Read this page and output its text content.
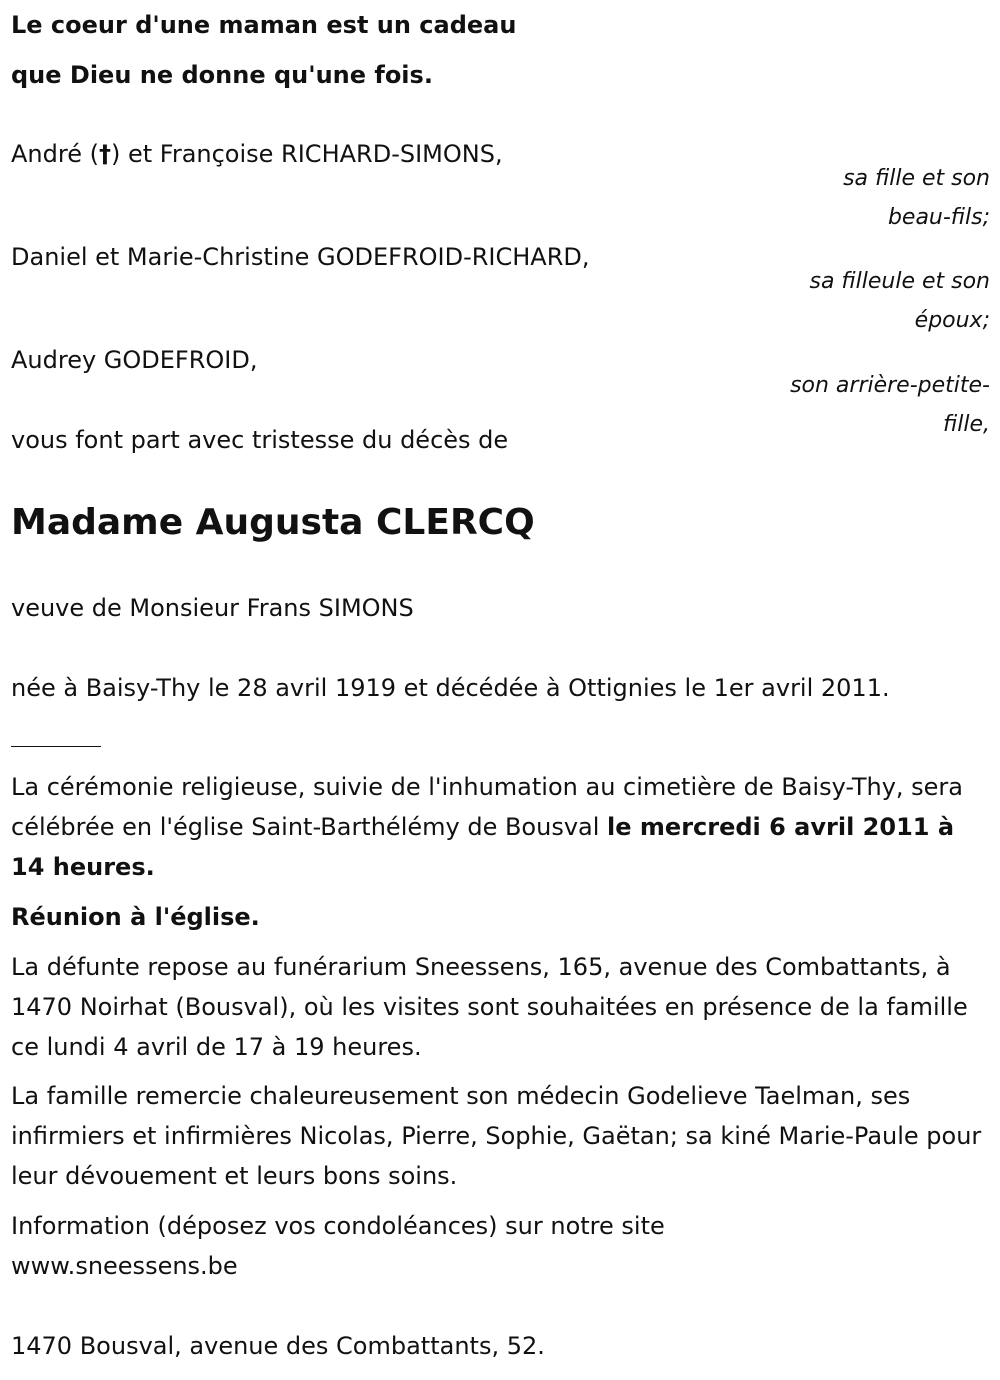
Le coeur d'une maman est un cadeau

que Dieu ne donne qu'une fois.

André (†) et Françoise RICHARD-SIMONS,

sa fille et son
beau-fils;

Daniel et Marie-Christine GODEFROID-RICHARD,

sa filleule et son
époux;

Audrey GODEFROID,

son arrière-petite-
fille,

vous font part avec tristesse du décès de

Madame Augusta CLERCQ

veuve de Monsieur Frans SIMONS

née à Baisy-Thy le 28 avril 1919 et décédée à Ottignies le 1er avril 2011.

La cérémonie religieuse, suivie de l'inhumation au cimetière de Baisy-Thy, sera célébrée en l'église Saint-Barthélémy de Bousval le mercredi 6 avril 2011 à 14 heures.

Réunion à l'église.

La défunte repose au funérarium Sneessens, 165, avenue des Combattants, à 1470 Noirhat (Bousval), où les visites sont souhaitées en présence de la famille ce lundi 4 avril de 17 à 19 heures.

La famille remercie chaleureusement son médecin Godelieve Taelman, ses infirmiers et infirmières Nicolas, Pierre, Sophie, Gaëtan; sa kiné Marie-Paule pour leur dévouement et leurs bons soins.

Information (déposez vos condoléances) sur notre site
www.sneessens.be

1470 Bousval, avenue des Combattants, 52.
